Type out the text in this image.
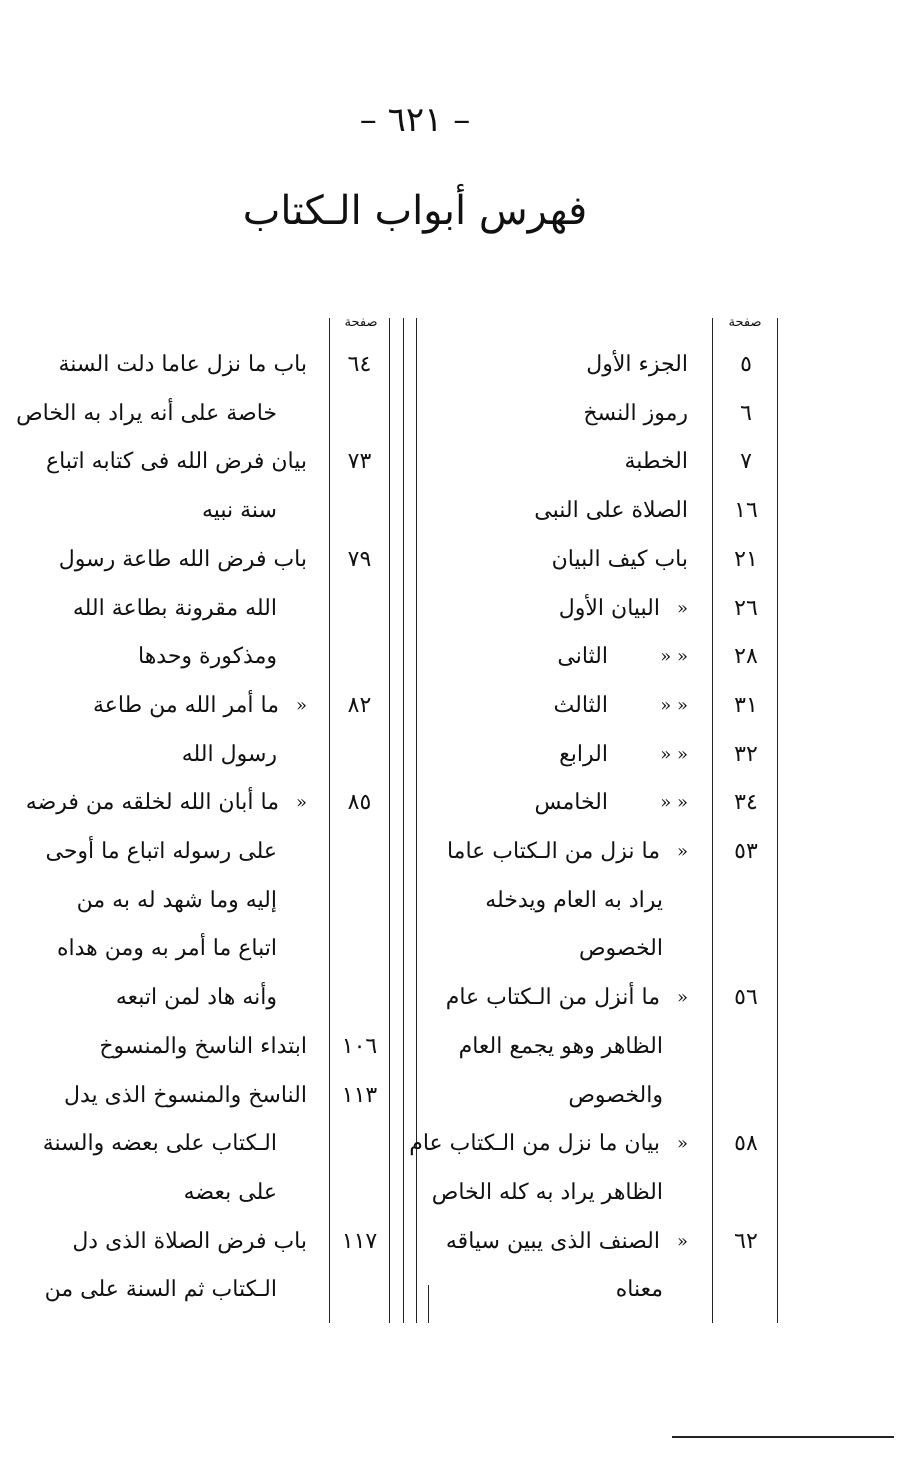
– ٦٢١ –
فهرس أبواب الـكتاب
صفحة	صفحة
٥
الجزء الأول
٦
رموز النسخ
٧
الخطبة
١٦
الصلاة على النبى
٢١
باب كيف البيان
٢٦
«
البيان الأول
٢٨
« «
الثانى
٣١
« «
الثالث
٣٢
« «
الرابع
٣٤
« «
الخامس
٥٣
«
ما نزل من الـكتاب عاما
يراد به العام ويدخله
الخصوص
٥٦
«
ما أنزل من الـكتاب عام
الظاهر وهو يجمع العام
والخصوص
٥٨
«
بيان ما نزل من الـكتاب عام
الظاهر يراد به كله الخاص
٦٢
«
الصنف الذى يبين سياقه
معناه
٦٤
باب ما نزل عاما دلت السنة
خاصة على أنه يراد به الخاص
٧٣
بيان فرض الله فى كتابه اتباع
سنة نبيه
٧٩
باب فرض الله طاعة رسول
الله مقرونة بطاعة الله
ومذكورة وحدها
٨٢
«
ما أمر الله من طاعة
رسول الله
٨٥
«
ما أبان الله لخلقه من فرضه
على رسوله اتباع ما أوحى
إليه وما شهد له به من
اتباع ما أمر به ومن هداه
وأنه هاد لمن اتبعه
١٠٦
ابتداء الناسخ والمنسوخ
١١٣
الناسخ والمنسوخ الذى يدل
الـكتاب على بعضه والسنة
على بعضه
١١٧
باب فرض الصلاة الذى دل
الـكتاب ثم السنة على من
